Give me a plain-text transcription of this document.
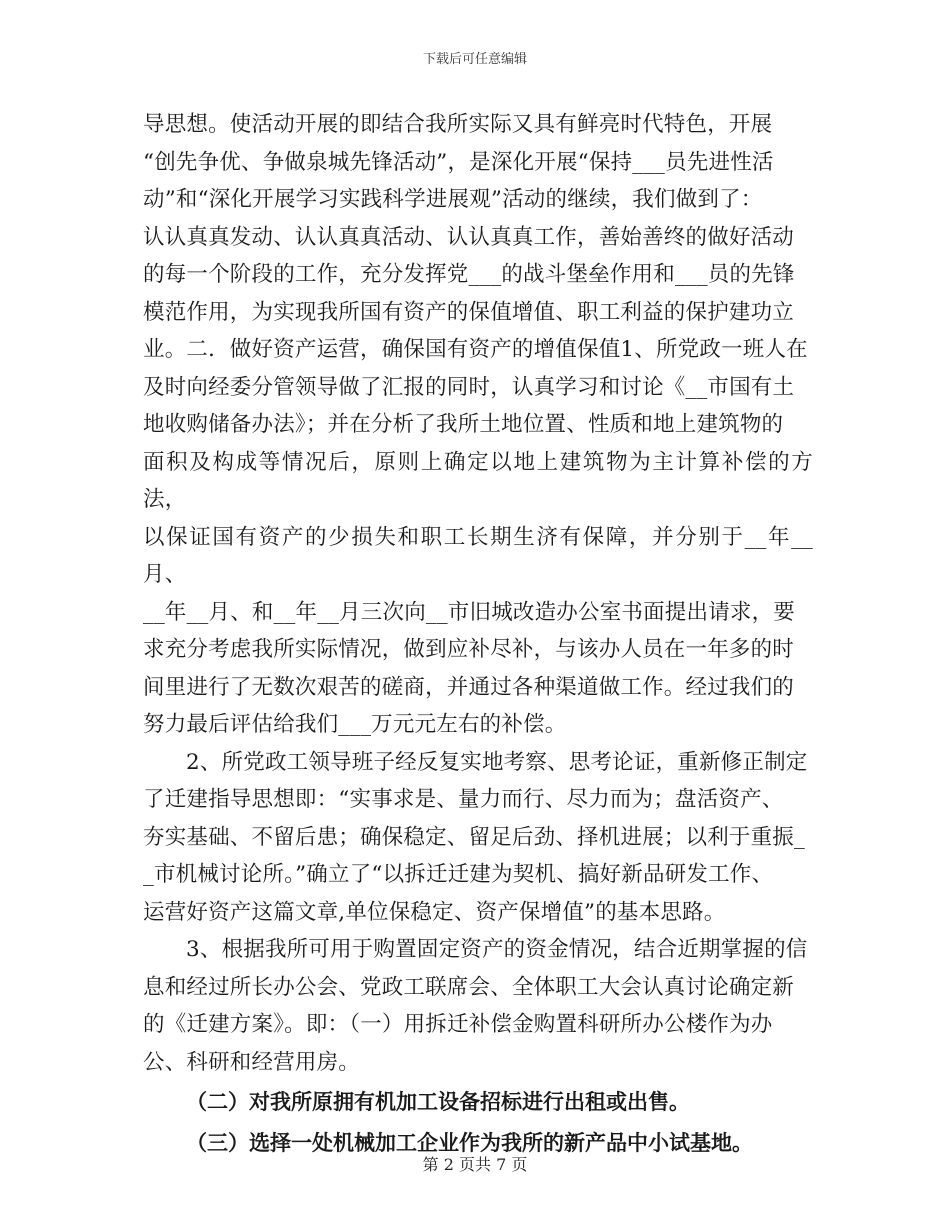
下载后可任意编辑

导思想。使活动开展的即结合我所实际又具有鲜亮时代特色，开展
“创先争优、争做泉城先锋活动”，是深化开展“保持___员先进性活
动”和“深化开展学习实践科学进展观”活动的继续，我们做到了：
认认真真发动、认认真真活动、认认真真工作，善始善终的做好活动
的每一个阶段的工作，充分发挥党___的战斗堡垒作用和___员的先锋
模范作用，为实现我所国有资产的保值增值、职工利益的保护建功立
业。二．做好资产运营，确保国有资产的增值保值1、所党政一班人在
及时向经委分管领导做了汇报的同时，认真学习和讨论《__市国有土
地收购储备办法》；并在分析了我所土地位置、性质和地上建筑物的
面积及构成等情况后，原则上确定以地上建筑物为主计算补偿的方法，
以保证国有资产的少损失和职工长期生济有保障，并分别于__年__月、
__年__月、和__年__月三次向__市旧城改造办公室书面提出请求，要
求充分考虑我所实际情况，做到应补尽补，与该办人员在一年多的时
间里进行了无数次艰苦的磋商，并通过各种渠道做工作。经过我们的
努力最后评估给我们___万元元左右的补偿。

2、所党政工领导班子经反复实地考察、思考论证，重新修正制定
了迁建指导思想即：“实事求是、量力而行、尽力而为；盘活资产、
夯实基础、不留后患；确保稳定、留足后劲、择机进展；以利于重振_
_市机械讨论所。”确立了“以拆迁迁建为契机、搞好新品研发工作、
运营好资产这篇文章,单位保稳定、资产保增值”的基本思路。

3、根据我所可用于购置固定资产的资金情况，结合近期掌握的信
息和经过所长办公会、党政工联席会、全体职工大会认真讨论确定新
的《迁建方案》。即：（一）用拆迁补偿金购置科研所办公楼作为办
公、科研和经营用房。

（二）对我所原拥有机加工设备招标进行出租或出售。

（三）选择一处机械加工企业作为我所的新产品中小试基地。

第 2 页共 7 页
